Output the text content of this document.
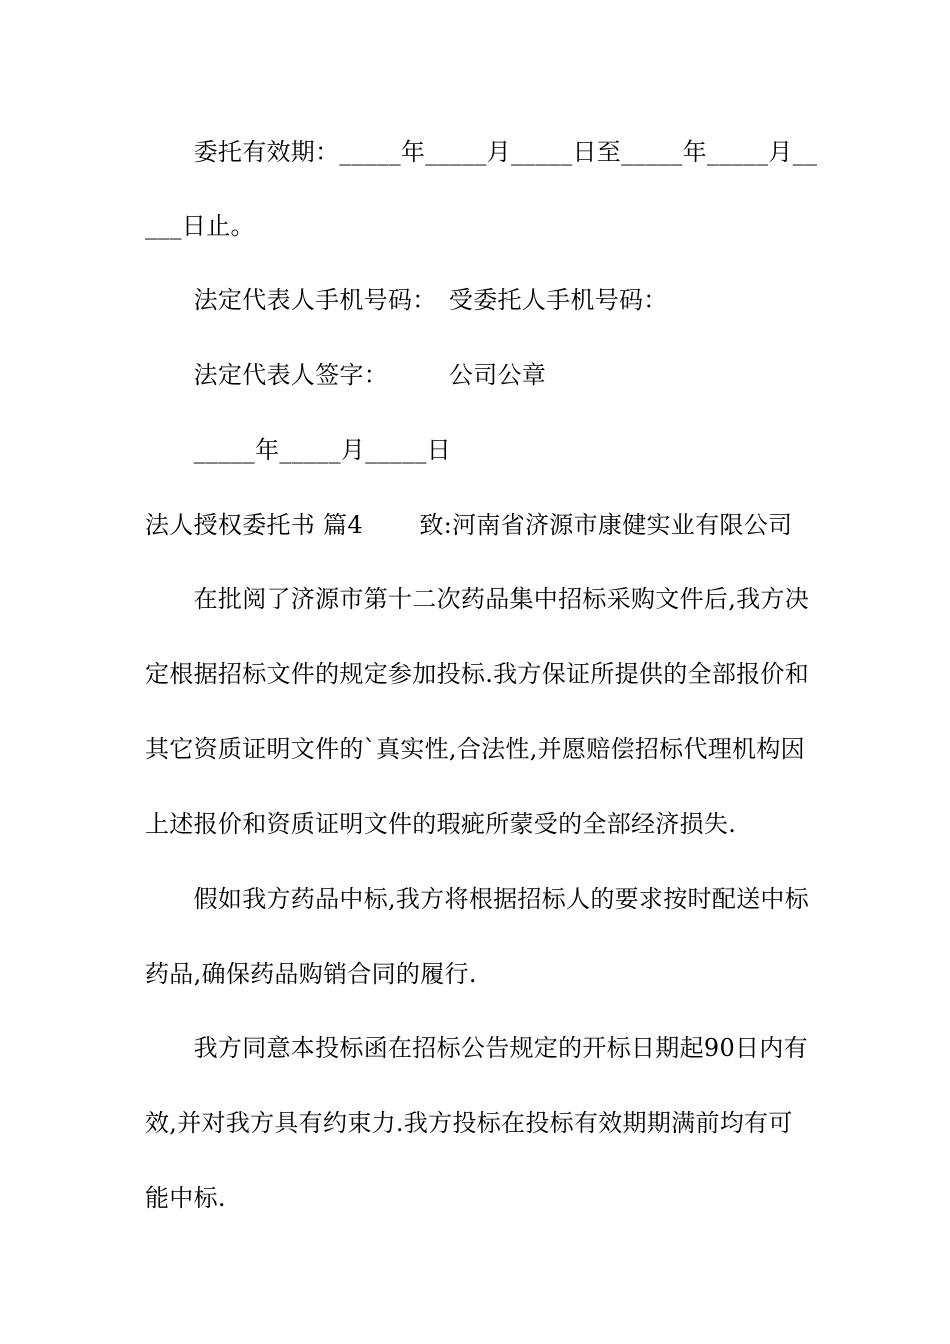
　　委托有效期：_____年_____月_____日至_____年_____月__
___日止。
　　法定代表人手机号码：　受委托人手机号码：
　　法定代表人签字：　　　公司公章
　　_____年_____月_____日
法人授权委托书 篇4　　 致:河南省济源市康健实业有限公司
　　在批阅了济源市第十二次药品集中招标采购文件后,我方决
定根据招标文件的规定参加投标.我方保证所提供的全部报价和
其它资质证明文件的`真实性,合法性,并愿赔偿招标代理机构因
上述报价和资质证明文件的瑕疵所蒙受的全部经济损失.
　　假如我方药品中标,我方将根据招标人的要求按时配送中标
药品,确保药品购销合同的履行.
　　我方同意本投标函在招标公告规定的开标日期起90日内有
效,并对我方具有约束力.我方投标在投标有效期期满前均有可
能中标.
